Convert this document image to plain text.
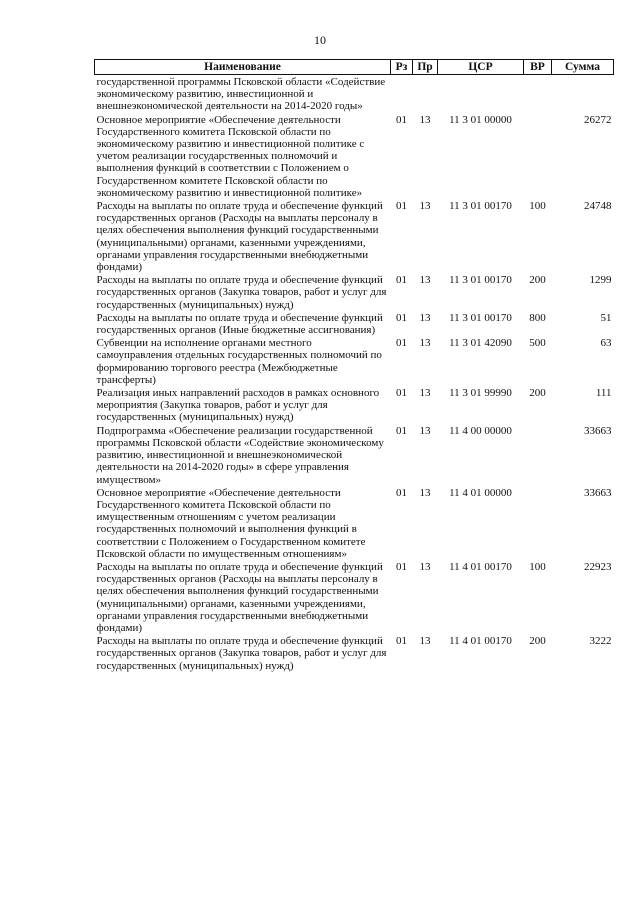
10
Наименование	Рз	Пр	ЦСР	ВР	Сумма
государственной программы Псковской области «Содействие экономическому развитию, инвестиционной и внешнеэкономической деятельности на 2014-2020 годы»					
Основное мероприятие «Обеспечение деятельности Государственного комитета Псковской области по экономическому развитию и инвестиционной политике с учетом реализации государственных полномочий и выполнения функций в соответствии с Положением о Государственном комитете Псковской области по экономическому развитию и инвестиционной политике»	01	13	11 3 01 00000		26272
Расходы на выплаты по оплате труда и обеспечение функций государственных органов (Расходы на выплаты персоналу в целях обеспечения выполнения функций государственными (муниципальными) органами, казенными учреждениями, органами управления государственными внебюджетными фондами)	01	13	11 3 01 00170	100	24748
Расходы на выплаты по оплате труда и обеспечение функций государственных органов (Закупка товаров, работ и услуг для государственных (муниципальных) нужд)	01	13	11 3 01 00170	200	1299
Расходы на выплаты по оплате труда и обеспечение функций государственных органов (Иные бюджетные ассигнования)	01	13	11 3 01 00170	800	51
Субвенции на исполнение органами местного самоуправления отдельных государственных полномочий по формированию торгового реестра (Межбюджетные трансферты)	01	13	11 3 01 42090	500	63
Реализация иных направлений расходов в рамках основного мероприятия (Закупка товаров, работ и услуг для государственных (муниципальных) нужд)	01	13	11 3 01 99990	200	111
Подпрограмма «Обеспечение реализации государственной программы Псковской области «Содействие экономическому развитию, инвестиционной и внешнеэкономической деятельности на 2014-2020 годы» в сфере управления имуществом»	01	13	11 4 00 00000		33663
Основное мероприятие «Обеспечение деятельности Государственного комитета Псковской области по имущественным отношениям с учетом реализации государственных полномочий и выполнения функций в соответствии с Положением о Государственном комитете Псковской области по имущественным отношениям»	01	13	11 4 01 00000		33663
Расходы на выплаты по оплате труда и обеспечение функций государственных органов (Расходы на выплаты персоналу в целях обеспечения выполнения функций государственными (муниципальными) органами, казенными учреждениями, органами управления государственными внебюджетными фондами)	01	13	11 4 01 00170	100	22923
Расходы на выплаты по оплате труда и обеспечение функций государственных органов (Закупка товаров, работ и услуг для государственных (муниципальных) нужд)	01	13	11 4 01 00170	200	3222
